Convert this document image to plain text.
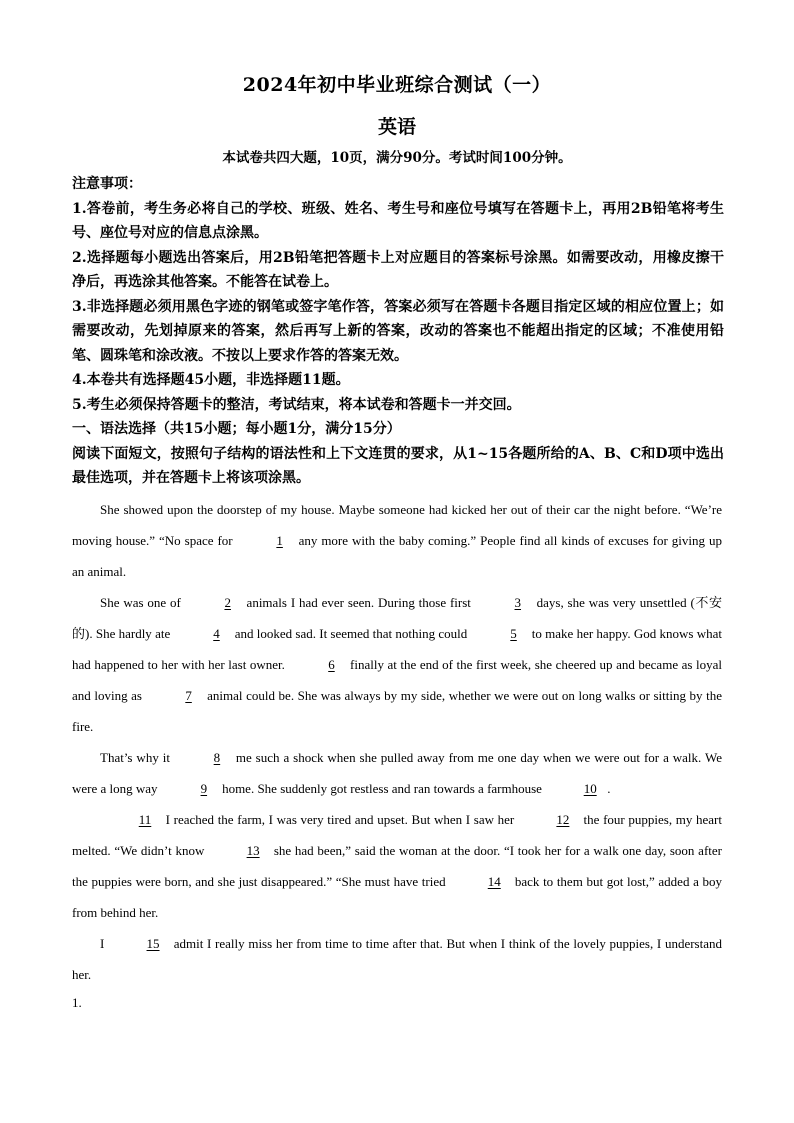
2024年初中毕业班综合测试（一）
英语
本试卷共四大题，10页，满分90分。考试时间100分钟。

注意事项：

1.答卷前，考生务必将自己的学校、班级、姓名、考生号和座位号填写在答题卡上，再用2B铅笔将考生号、座位号对应的信息点涂黑。

2.选择题每小题选出答案后，用2B铅笔把答题卡上对应题目的答案标号涂黑。如需要改动，用橡皮擦干净后，再选涂其他答案。不能答在试卷上。

3.非选择题必须用黑色字迹的钢笔或签字笔作答，答案必须写在答题卡各题目指定区域的相应位置上；如需要改动，先划掉原来的答案，然后再写上新的答案，改动的答案也不能超出指定的区域；不准使用铅笔、圆珠笔和涂改液。不按以上要求作答的答案无效。

4.本卷共有选择题45小题，非选择题11题。

5.考生必须保持答题卡的整洁，考试结束，将本试卷和答题卡一并交回。

一、语法选择（共15小题；每小题1分，满分15分）

阅读下面短文，按照句子结构的语法性和上下文连贯的要求，从1~15各题所给的A、B、C和D项中选出最佳选项，并在答题卡上将该项涂黑。

She showed upon the doorstep of my house. Maybe someone had kicked her out of their car the night before. “We’re moving house.” “No space for	1 any more with the baby coming.” People find all kinds of excuses for giving up an animal.

She was one of	2 animals I had ever seen. During those first	3 days, she was very unsettled (不安的). She hardly ate	4 and looked sad. It seemed that nothing could	5 to make her happy. God knows what had happened to her with her last owner.	6 finally at the end of the first week, she cheered up and became as loyal and loving as	7 animal could be. She was always by my side, whether we were out on long walks or sitting by the fire.

That’s why it	8 me such a shock when she pulled away from me one day when we were out for a walk. We were a long way	9 home. She suddenly got restless and ran towards a farmhouse	10 .

11 I reached the farm, I was very tired and upset. But when I saw her	12 the four puppies, my heart melted. “We didn’t know	13 she had been,” said the woman at the door. “I took her for a walk one day, soon after the puppies were born, and she just disappeared.” “She must have tried	14 back to them but got lost,” added a boy from behind her.

I	15 admit I really miss her from time to time after that. But when I think of the lovely puppies, I understand her.

1.
